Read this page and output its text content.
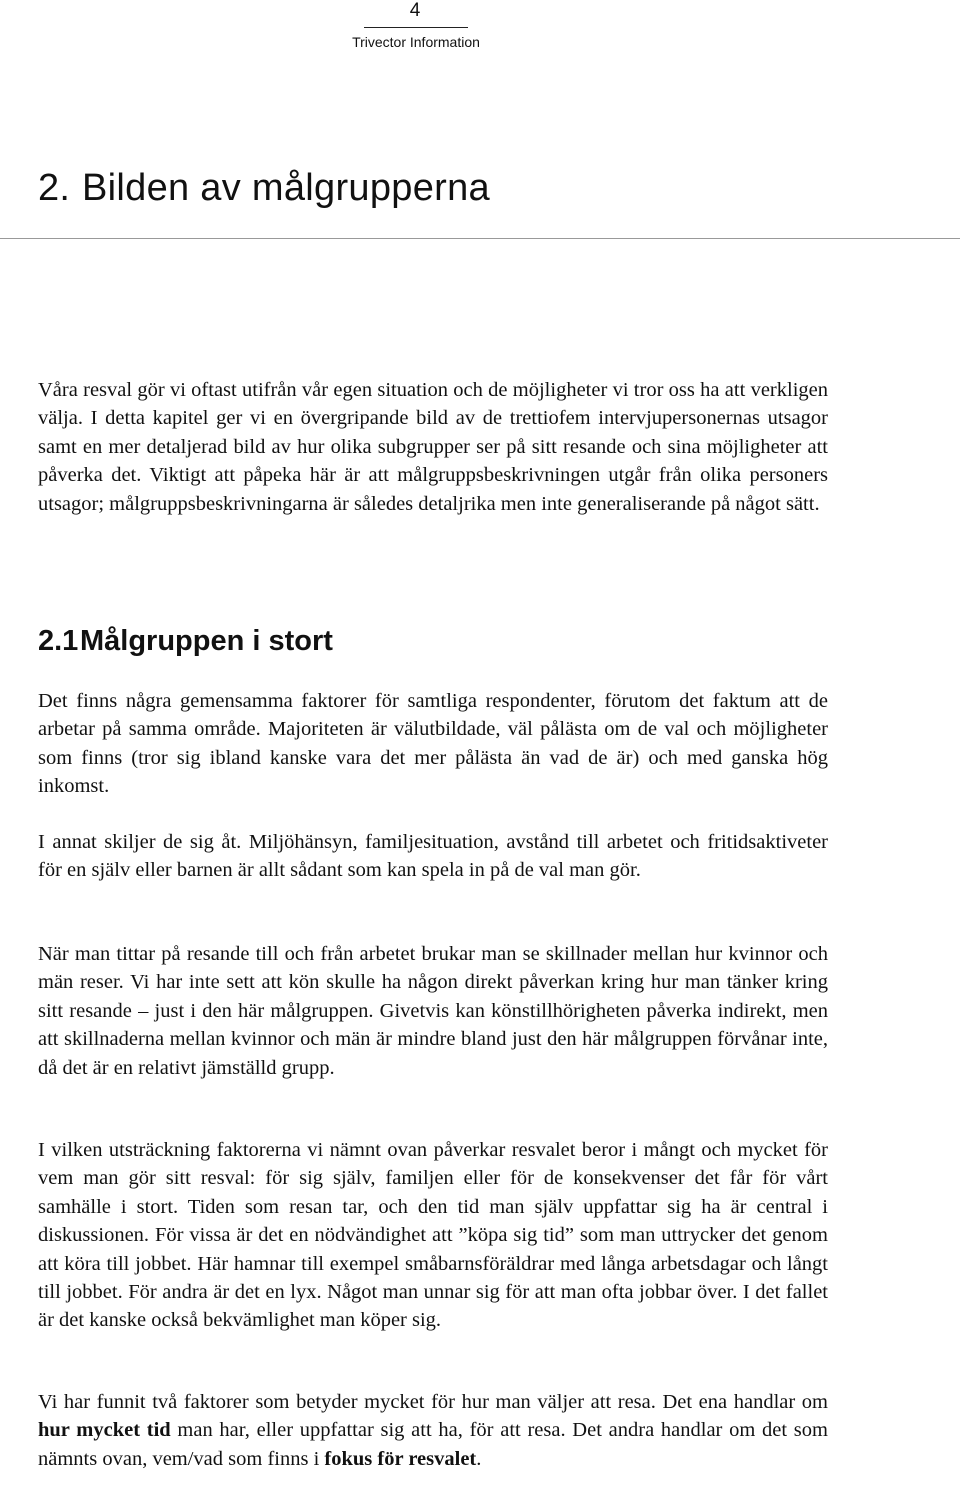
4
Trivector Information
2. Bilden av målgrupperna

Våra resval gör vi oftast utifrån vår egen situation och de möjligheter vi tror oss ha att verkligen välja. I detta kapitel ger vi en övergripande bild av de trettiofem intervjupersonernas utsagor samt en mer detaljerad bild av hur olika subgrupper ser på sitt resande och sina möjligheter att påverka det. Viktigt att påpeka här är att målgruppsbeskrivningen utgår från olika personers utsagor; målgruppsbeskrivningarna är således detaljrika men inte generaliserande på något sätt.

2.1Målgruppen i stort

Det finns några gemensamma faktorer för samtliga respondenter, förutom det faktum att de arbetar på samma område. Majoriteten är välutbildade, väl pålästa om de val och möjligheter som finns (tror sig ibland kanske vara det mer pålästa än vad de är) och med ganska hög inkomst.

I annat skiljer de sig åt. Miljöhänsyn, familjesituation, avstånd till arbetet och fritidsaktiveter för en själv eller barnen är allt sådant som kan spela in på de val man gör.

När man tittar på resande till och från arbetet brukar man se skillnader mellan hur kvinnor och män reser. Vi har inte sett att kön skulle ha någon direkt påverkan kring hur man tänker kring sitt resande – just i den här målgruppen. Givetvis kan könstillhörigheten påverka indirekt, men att skillnaderna mellan kvinnor och män är mindre bland just den här målgruppen förvånar inte, då det är en relativt jämställd grupp.

I vilken utsträckning faktorerna vi nämnt ovan påverkar resvalet beror i mångt och mycket för vem man gör sitt resval: för sig själv, familjen eller för de konsekvenser det får för vårt samhälle i stort. Tiden som resan tar, och den tid man själv uppfattar sig ha är central i diskussionen. För vissa är det en nödvändighet att ”köpa sig tid” som man uttrycker det genom att köra till jobbet. Här hamnar till exempel småbarnsföräldrar med långa arbetsdagar och långt till jobbet. För andra är det en lyx. Något man unnar sig för att man ofta jobbar över. I det fallet är det kanske också bekvämlighet man köper sig.

Vi har funnit två faktorer som betyder mycket för hur man väljer att resa. Det ena handlar om hur mycket tid man har, eller uppfattar sig att ha, för att resa. Det andra handlar om det som nämnts ovan, vem/vad som finns i fokus för resvalet.
